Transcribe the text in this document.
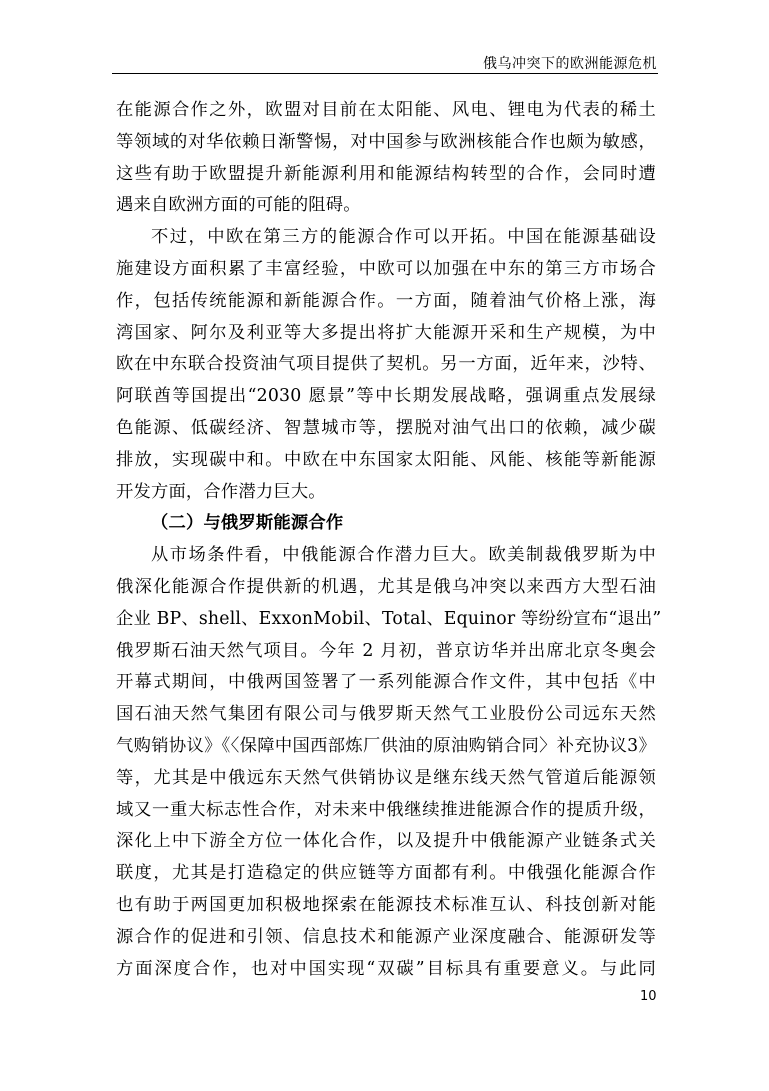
俄乌冲突下的欧洲能源危机
在能源合作之外，欧盟对目前在太阳能、风电、锂电为代表的稀土
等领域的对华依赖日渐警惕，对中国参与欧洲核能合作也颇为敏感，
这些有助于欧盟提升新能源利用和能源结构转型的合作，会同时遭
遇来自欧洲方面的可能的阻碍。
不过，中欧在第三方的能源合作可以开拓。中国在能源基础设
施建设方面积累了丰富经验，中欧可以加强在中东的第三方市场合
作，包括传统能源和新能源合作。一方面，随着油气价格上涨，海
湾国家、阿尔及利亚等大多提出将扩大能源开采和生产规模，为中
欧在中东联合投资油气项目提供了契机。另一方面，近年来，沙特、
阿联酋等国提出“2030 愿景”等中长期发展战略，强调重点发展绿
色能源、低碳经济、智慧城市等，摆脱对油气出口的依赖，减少碳
排放，实现碳中和。中欧在中东国家太阳能、风能、核能等新能源
开发方面，合作潜力巨大。
（二）与俄罗斯能源合作
从市场条件看，中俄能源合作潜力巨大。欧美制裁俄罗斯为中
俄深化能源合作提供新的机遇，尤其是俄乌冲突以来西方大型石油
企业 BP、shell、ExxonMobil、Total、Equinor 等纷纷宣布“退出”
俄罗斯石油天然气项目。今年 2 月初，普京访华并出席北京冬奥会
开幕式期间，中俄两国签署了一系列能源合作文件，其中包括《中
国石油天然气集团有限公司与俄罗斯天然气工业股份公司远东天然
气购销协议》《〈保障中国西部炼厂供油的原油购销合同〉补充协议3》
等，尤其是中俄远东天然气供销协议是继东线天然气管道后能源领
域又一重大标志性合作，对未来中俄继续推进能源合作的提质升级，
深化上中下游全方位一体化合作，以及提升中俄能源产业链条式关
联度，尤其是打造稳定的供应链等方面都有利。中俄强化能源合作
也有助于两国更加积极地探索在能源技术标准互认、科技创新对能
源合作的促进和引领、信息技术和能源产业深度融合、能源研发等
方面深度合作，也对中国实现“双碳”目标具有重要意义。与此同
10
